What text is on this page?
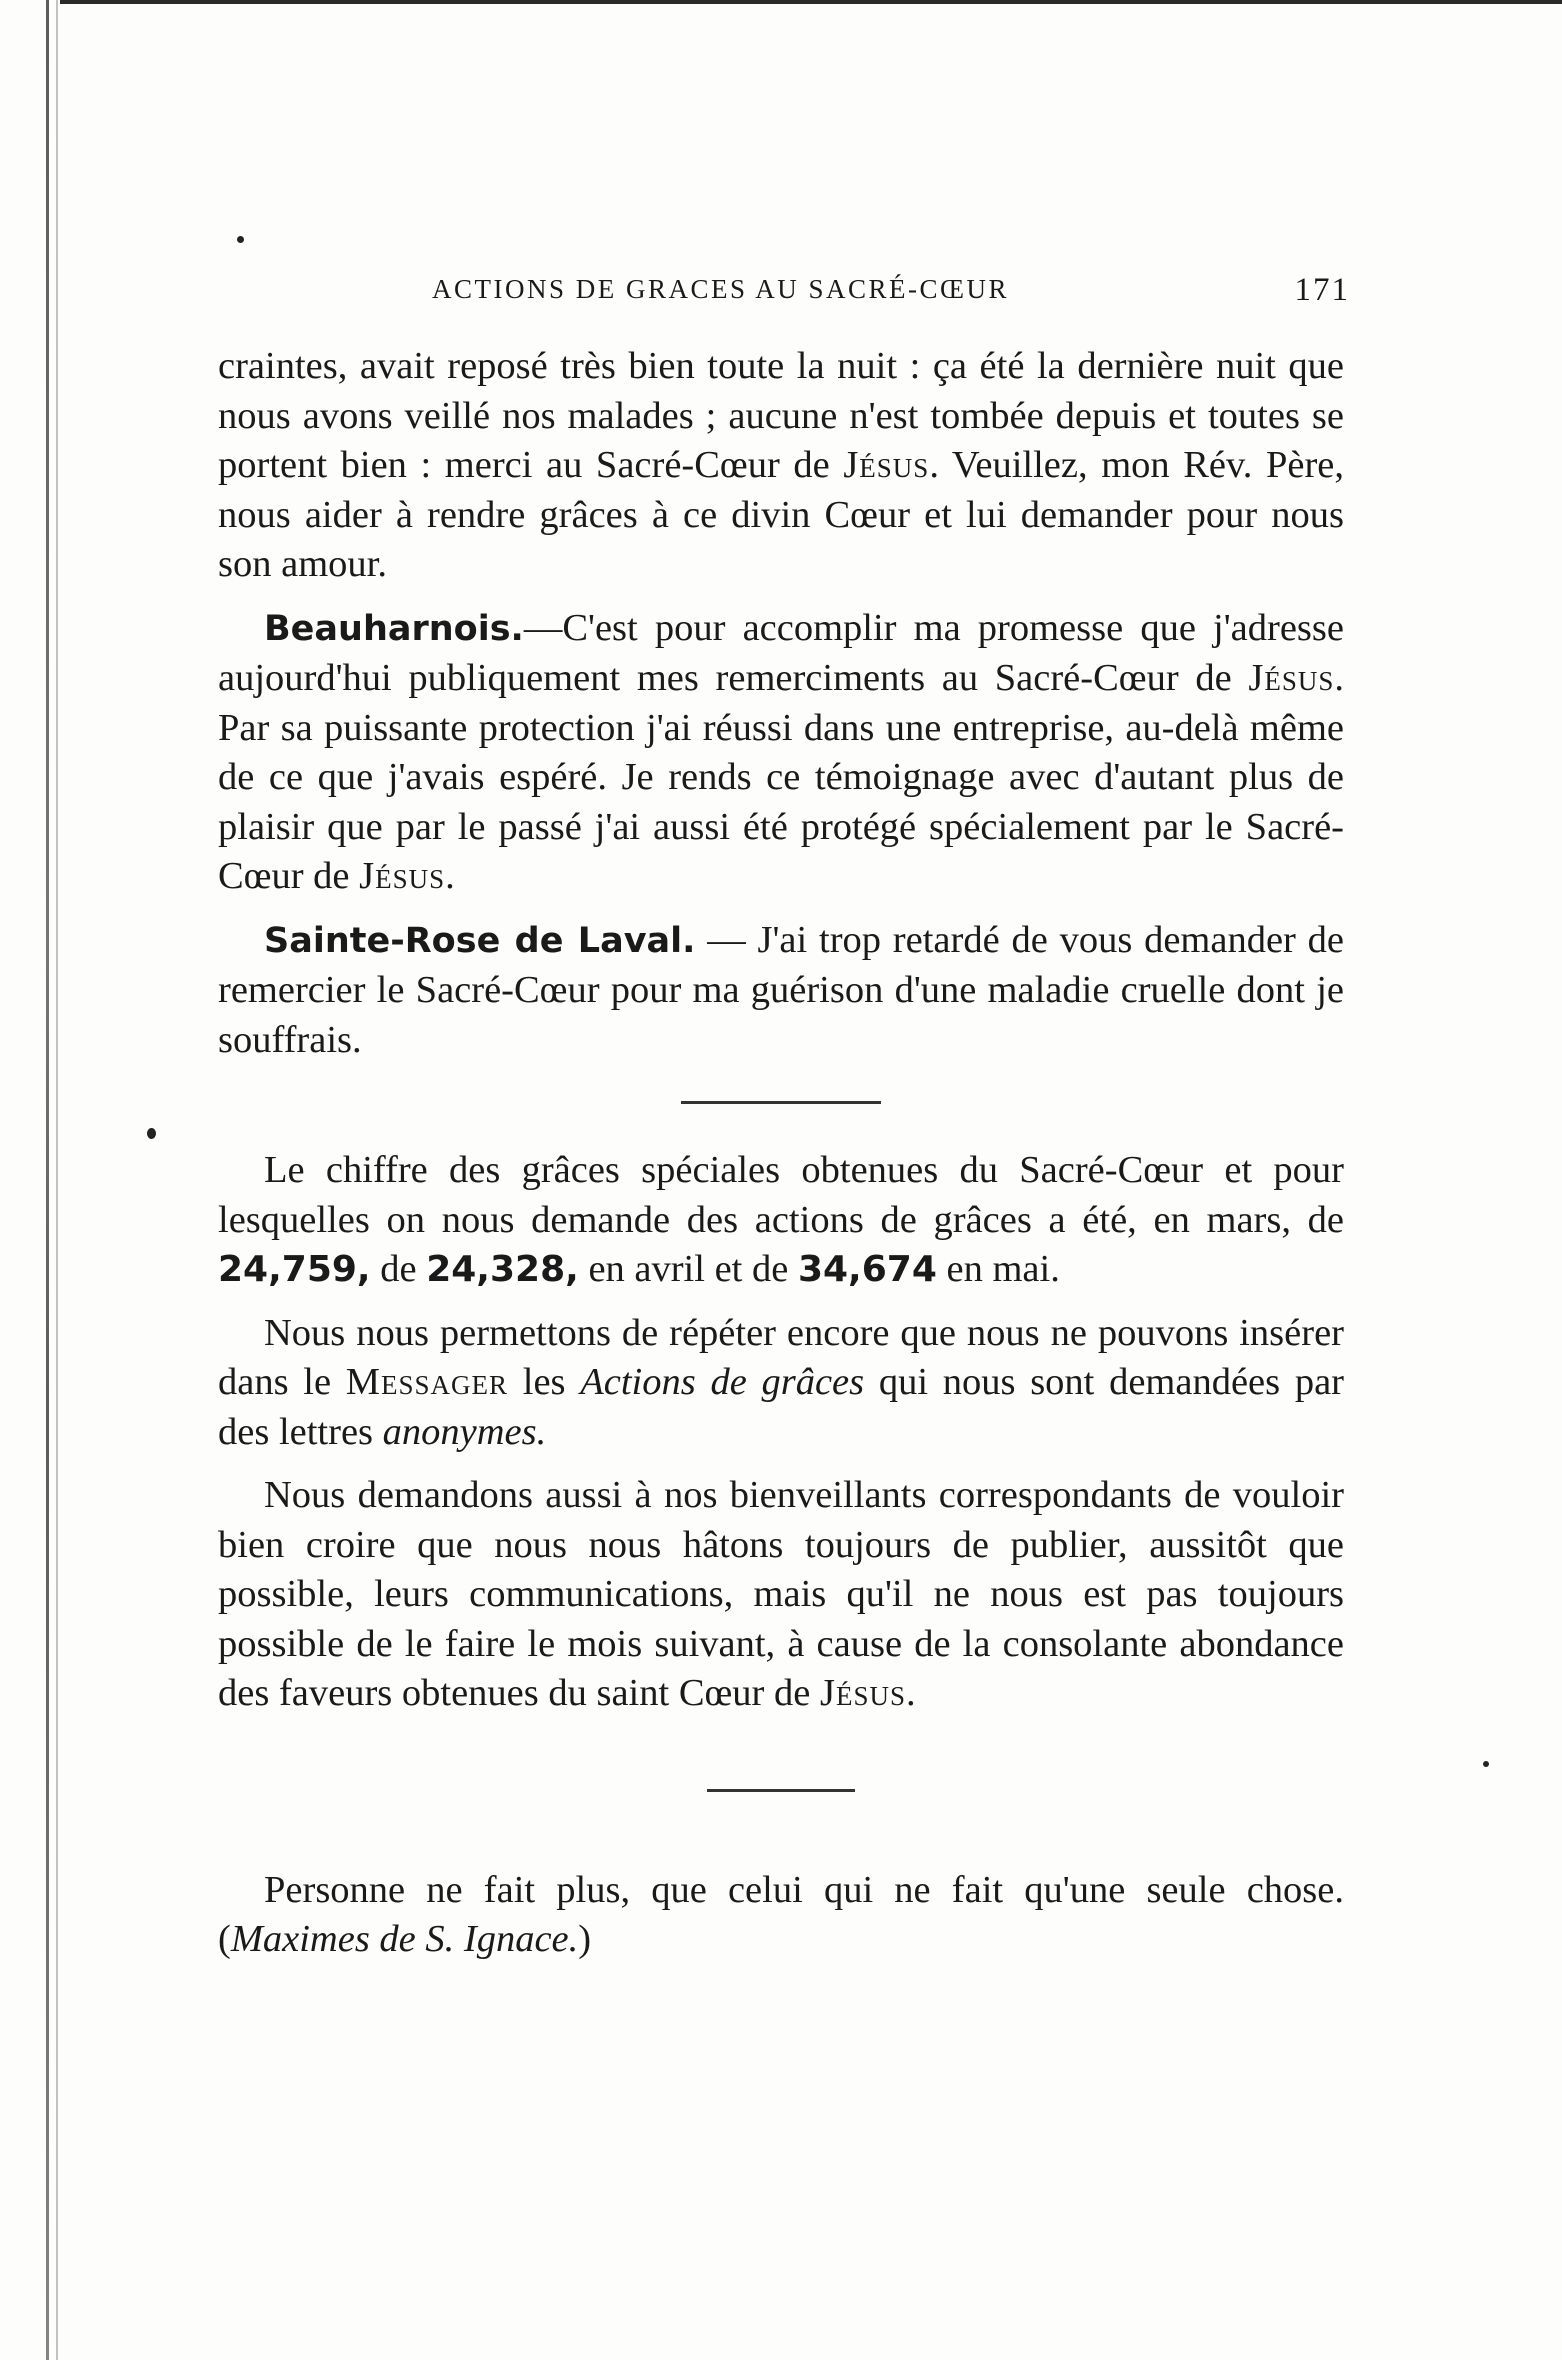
ACTIONS DE GRACES AU SACRÉ-CŒUR	171

craintes, avait reposé très bien toute la nuit : ça été la dernière nuit que nous avons veillé nos malades ; aucune n'est tombée depuis et toutes se portent bien : merci au Sacré-Cœur de Jésus. Veuillez, mon Rév. Père, nous aider à rendre grâces à ce divin Cœur et lui demander pour nous son amour.

Beauharnois.—C'est pour accomplir ma promesse que j'adresse aujourd'hui publiquement mes remerciments au Sacré-Cœur de Jésus. Par sa puissante protection j'ai réussi dans une entreprise, au-delà même de ce que j'avais espéré. Je rends ce témoignage avec d'autant plus de plaisir que par le passé j'ai aussi été protégé spécialement par le Sacré-Cœur de Jésus.

Sainte-Rose de Laval. — J'ai trop retardé de vous demander de remercier le Sacré-Cœur pour ma guérison d'une maladie cruelle dont je souffrais.

Le chiffre des grâces spéciales obtenues du Sacré-Cœur et pour lesquelles on nous demande des actions de grâces a été, en mars, de 24,759, de 24,328, en avril et de 34,674 en mai.

Nous nous permettons de répéter encore que nous ne pouvons insérer dans le Messager les Actions de grâces qui nous sont demandées par des lettres anonymes.

Nous demandons aussi à nos bienveillants correspondants de vouloir bien croire que nous nous hâtons toujours de publier, aussitôt que possible, leurs communications, mais qu'il ne nous est pas toujours possible de le faire le mois suivant, à cause de la consolante abondance des faveurs obtenues du saint Cœur de Jésus.

Personne ne fait plus, que celui qui ne fait qu'une seule chose. (Maximes de S. Ignace.)
